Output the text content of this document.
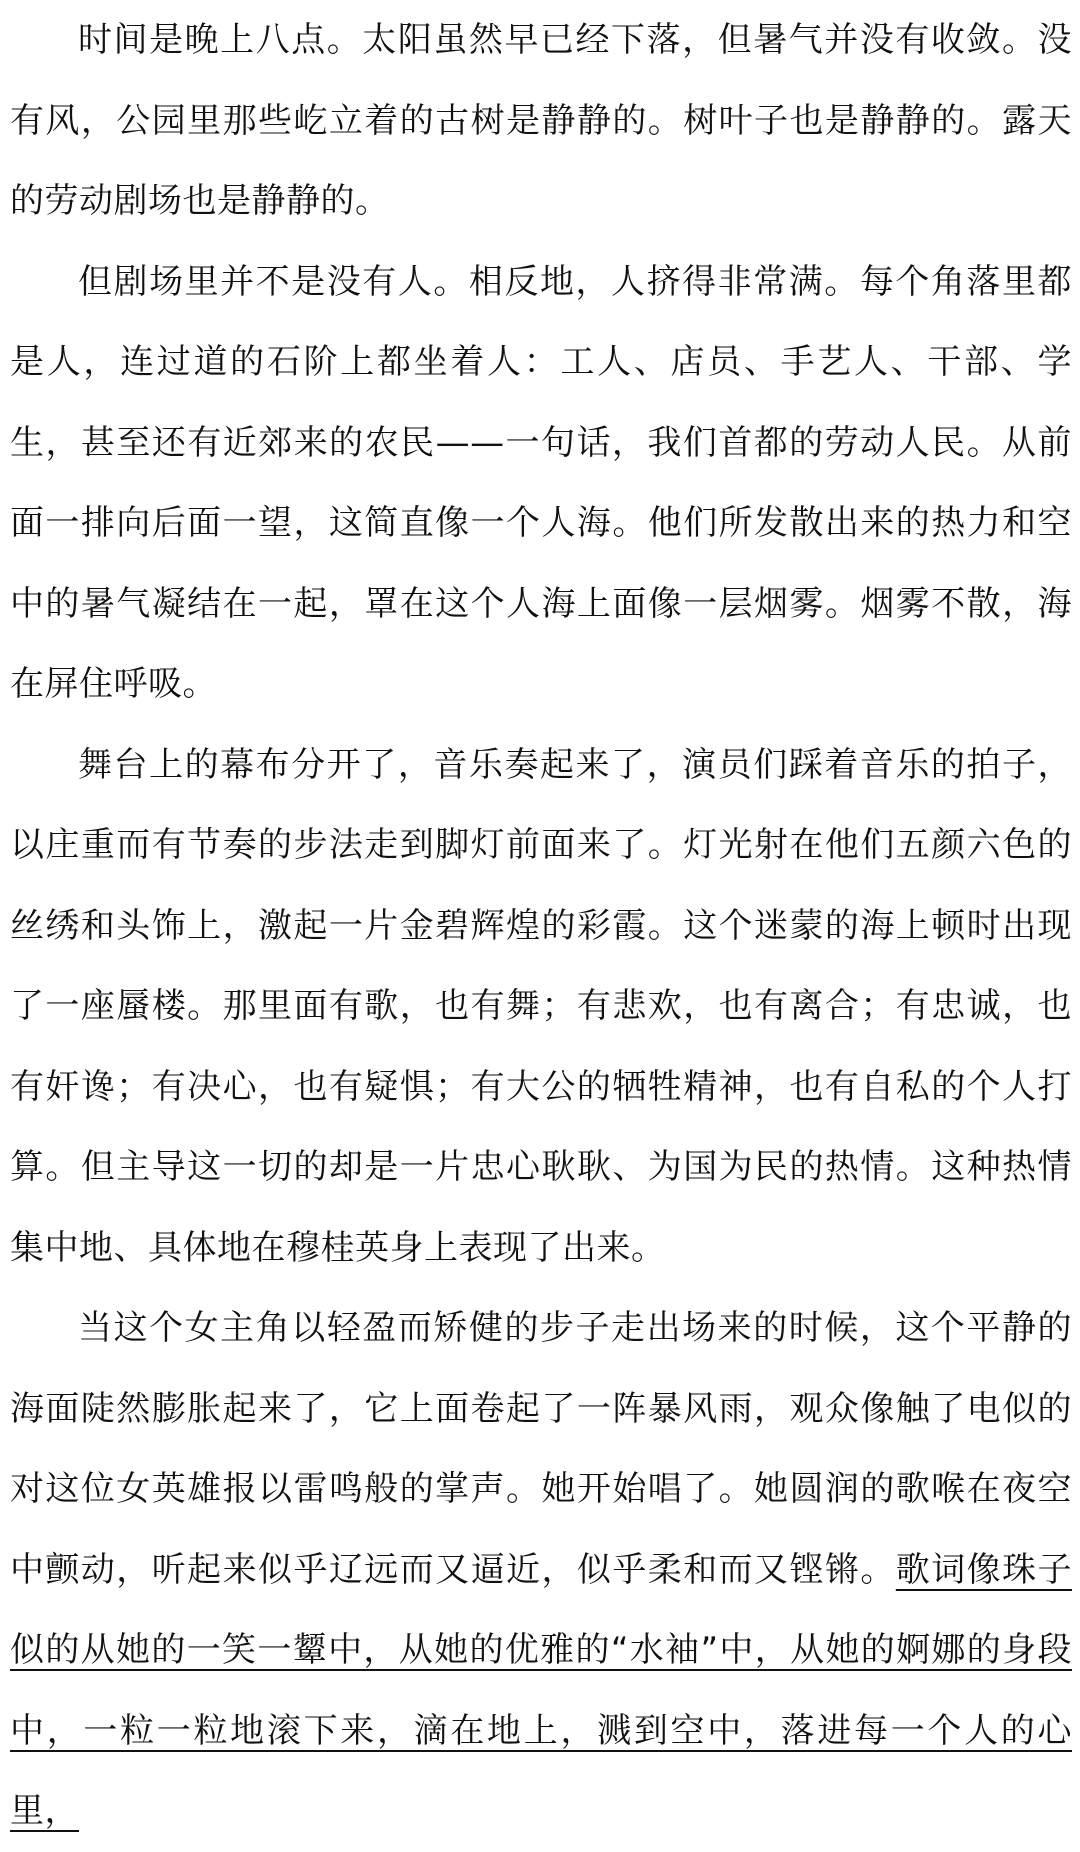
时间是晚上八点。太阳虽然早已经下落，但暑气并没有收敛。没有风，公园里那些屹立着的古树是静静的。树叶子也是静静的。露天的劳动剧场也是静静的。

但剧场里并不是没有人。相反地，人挤得非常满。每个角落里都是人，连过道的石阶上都坐着人：工人、店员、手艺人、干部、学生，甚至还有近郊来的农民——一句话，我们首都的劳动人民。从前面一排向后面一望，这简直像一个人海。他们所发散出来的热力和空中的暑气凝结在一起，罩在这个人海上面像一层烟雾。烟雾不散，海在屏住呼吸。

舞台上的幕布分开了，音乐奏起来了，演员们踩着音乐的拍子，以庄重而有节奏的步法走到脚灯前面来了。灯光射在他们五颜六色的丝绣和头饰上，激起一片金碧辉煌的彩霞。这个迷蒙的海上顿时出现了一座蜃楼。那里面有歌，也有舞；有悲欢，也有离合；有忠诚，也有奸谗；有决心，也有疑惧；有大公的牺牲精神，也有自私的个人打算。但主导这一切的却是一片忠心耿耿、为国为民的热情。这种热情集中地、具体地在穆桂英身上表现了出来。

当这个女主角以轻盈而矫健的步子走出场来的时候，这个平静的海面陡然膨胀起来了，它上面卷起了一阵暴风雨，观众像触了电似的对这位女英雄报以雷鸣般的掌声。她开始唱了。她圆润的歌喉在夜空中颤动，听起来似乎辽远而又逼近，似乎柔和而又铿锵。歌词像珠子似的从她的一笑一颦中，从她的优雅的“水袖”中，从她的婀娜的身段中，一粒一粒地滚下来，滴在地上，溅到空中，落进每一个人的心里，
